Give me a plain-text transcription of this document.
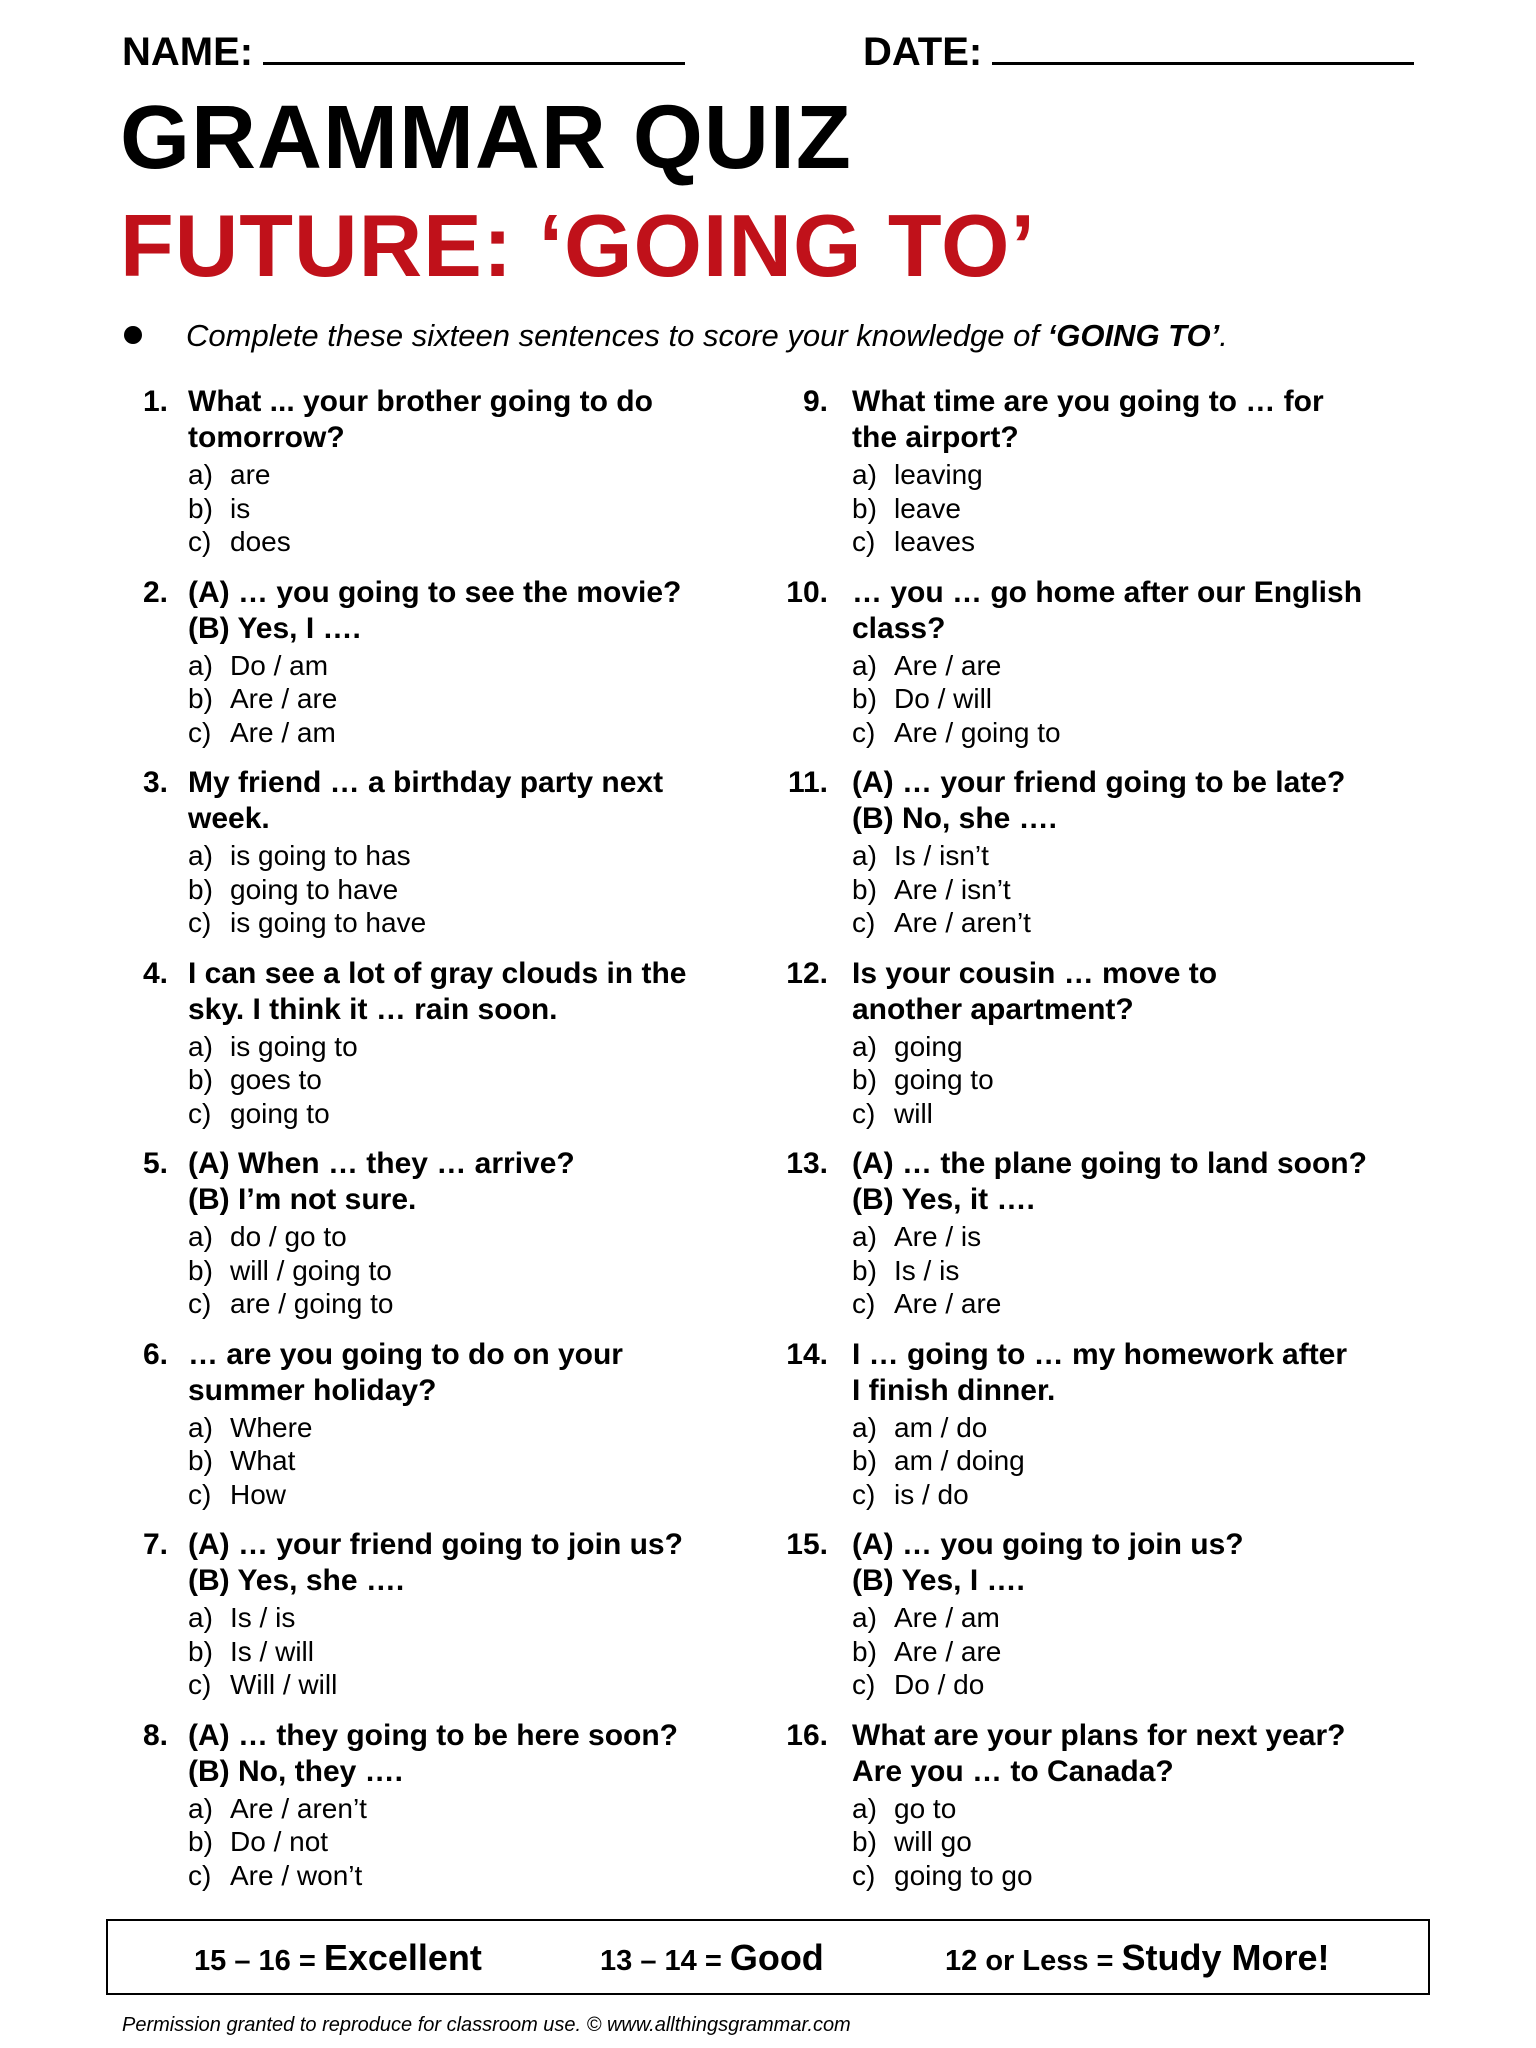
NAME:	DATE:
GRAMMAR QUIZ
FUTURE: ‘GOING TO’
Complete these sixteen sentences to score your knowledge of ‘GOING TO’.
1. What ... your brother going to do
tomorrow?
a) are
b) is
c) does
2. (A) … you going to see the movie?
(B) Yes, I ….
a) Do / am
b) Are / are
c) Are / am
3. My friend … a birthday party next
week.
a) is going to has
b) going to have
c) is going to have
4. I can see a lot of gray clouds in the
sky. I think it … rain soon.
a) is going to
b) goes to
c) going to
5. (A) When … they … arrive?
(B) I’m not sure.
a) do / go to
b) will / going to
c) are / going to
6. … are you going to do on your
summer holiday?
a) Where
b) What
c) How
7. (A) … your friend going to join us?
(B) Yes, she ….
a) Is / is
b) Is / will
c) Will / will
8. (A) … they going to be here soon?
(B) No, they ….
a) Are / aren’t
b) Do / not
c) Are / won’t
9. What time are you going to … for
the airport?
a) leaving
b) leave
c) leaves
10. … you … go home after our English
class?
a) Are / are
b) Do / will
c) Are / going to
11. (A) … your friend going to be late?
(B) No, she ….
a) Is / isn’t
b) Are / isn’t
c) Are / aren’t
12. Is your cousin … move to
another apartment?
a) going
b) going to
c) will
13. (A) … the plane going to land soon?
(B) Yes, it ….
a) Are / is
b) Is / is
c) Are / are
14. I … going to … my homework after
I finish dinner.
a) am / do
b) am / doing
c) is / do
15. (A) … you going to join us?
(B) Yes, I ….
a) Are / am
b) Are / are
c) Do / do
16. What are your plans for next year?
Are you … to Canada?
a) go to
b) will go
c) going to go
15 – 16 = Excellent	13 – 14 = Good	12 or Less = Study More!
Permission granted to reproduce for classroom use. © www.allthingsgrammar.com
